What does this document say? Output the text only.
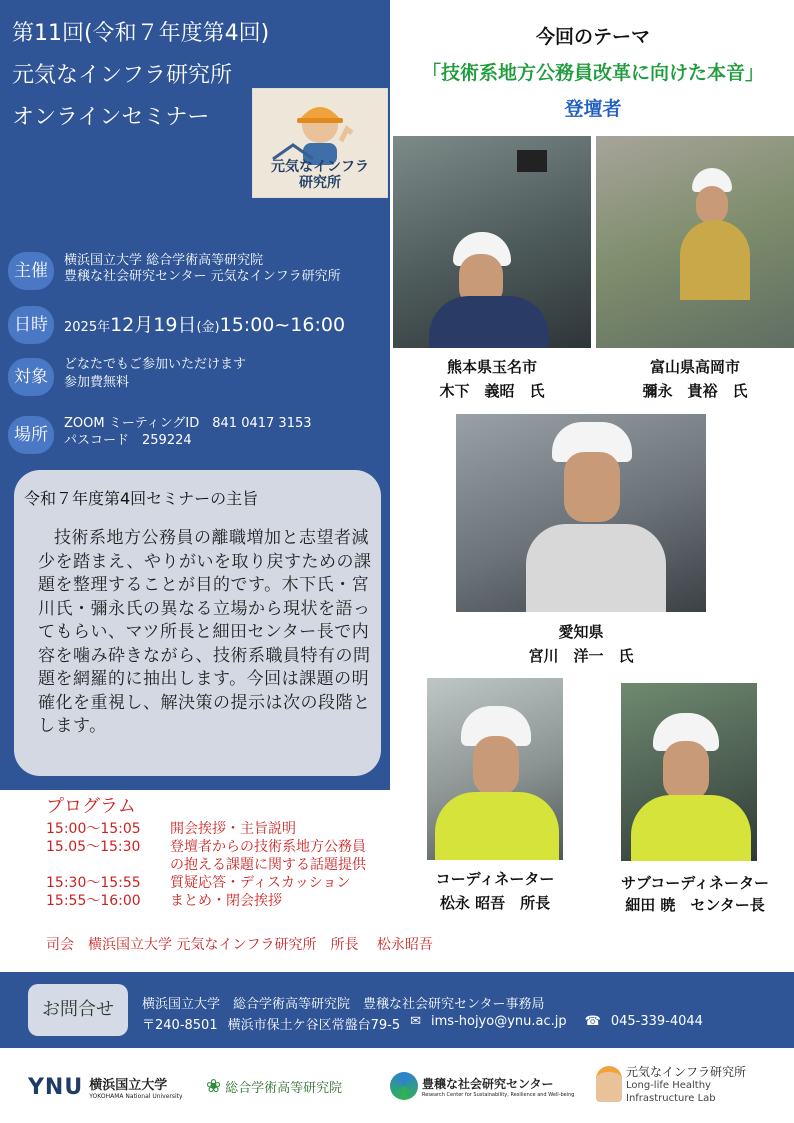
第11回(令和７年度第4回)
元気なインフラ研究所
オンラインセミナー
元気なインフラ
研究所
主催
横浜国立大学 総合学術高等研究院
豊穣な社会研究センター 元気なインフラ研究所
日時	2025年12月19日(金)15:00~16:00
対象
どなたでもご参加いただけます
参加費無料
場所
ZOOM ミーティングID　841 0417 3153
パスコード　259224
令和７年度第4回セミナーの主旨
技術系地方公務員の離職増加と志望者減少を踏まえ、やりがいを取り戻すための課題を整理することが目的です。木下氏・宮川氏・彌永氏の異なる立場から現状を語ってもらい、マツ所長と細田センター長で内容を噛み砕きながら、技術系職員特有の問題を網羅的に抽出します。今回は課題の明確化を重視し、解決策の提示は次の段階とします。
プログラム
15:00～15:05	開会挨拶・主旨説明
15.05～15:30	登壇者からの技術系地方公務員
の抱える課題に関する話題提供
15:30～15:55	質疑応答・ディスカッション
15:55～16:00	まとめ・閉会挨拶
司会　横浜国立大学 元気なインフラ研究所　所長　 松永昭吾
今回のテーマ
「技術系地方公務員改革に向けた本音」
登壇者
熊本県玉名市
木下　義昭　氏
富山県高岡市
彌永　貴裕　氏
愛知県
宮川　洋一　氏
コーディネーター
松永 昭吾　所長
サブコーディネーター
細田 暁　センター長
お問合せ	横浜国立大学　総合学術高等研究院　豊穣な社会研究センター事務局
〒240-8501 横浜市保土ケ谷区常盤台79-5 ✉ ims-hojyo@ynu.ac.jp ☎ 045-339-4044
YNU 横浜国立大学
YOKOHAMA National University ❀ 総合学術高等研究院	豊穣な社会研究センター
Research Center for Sustainability, Resilience and Well-being
元気なインフラ研究所
Long-life Healthy
Infrastructure Lab
